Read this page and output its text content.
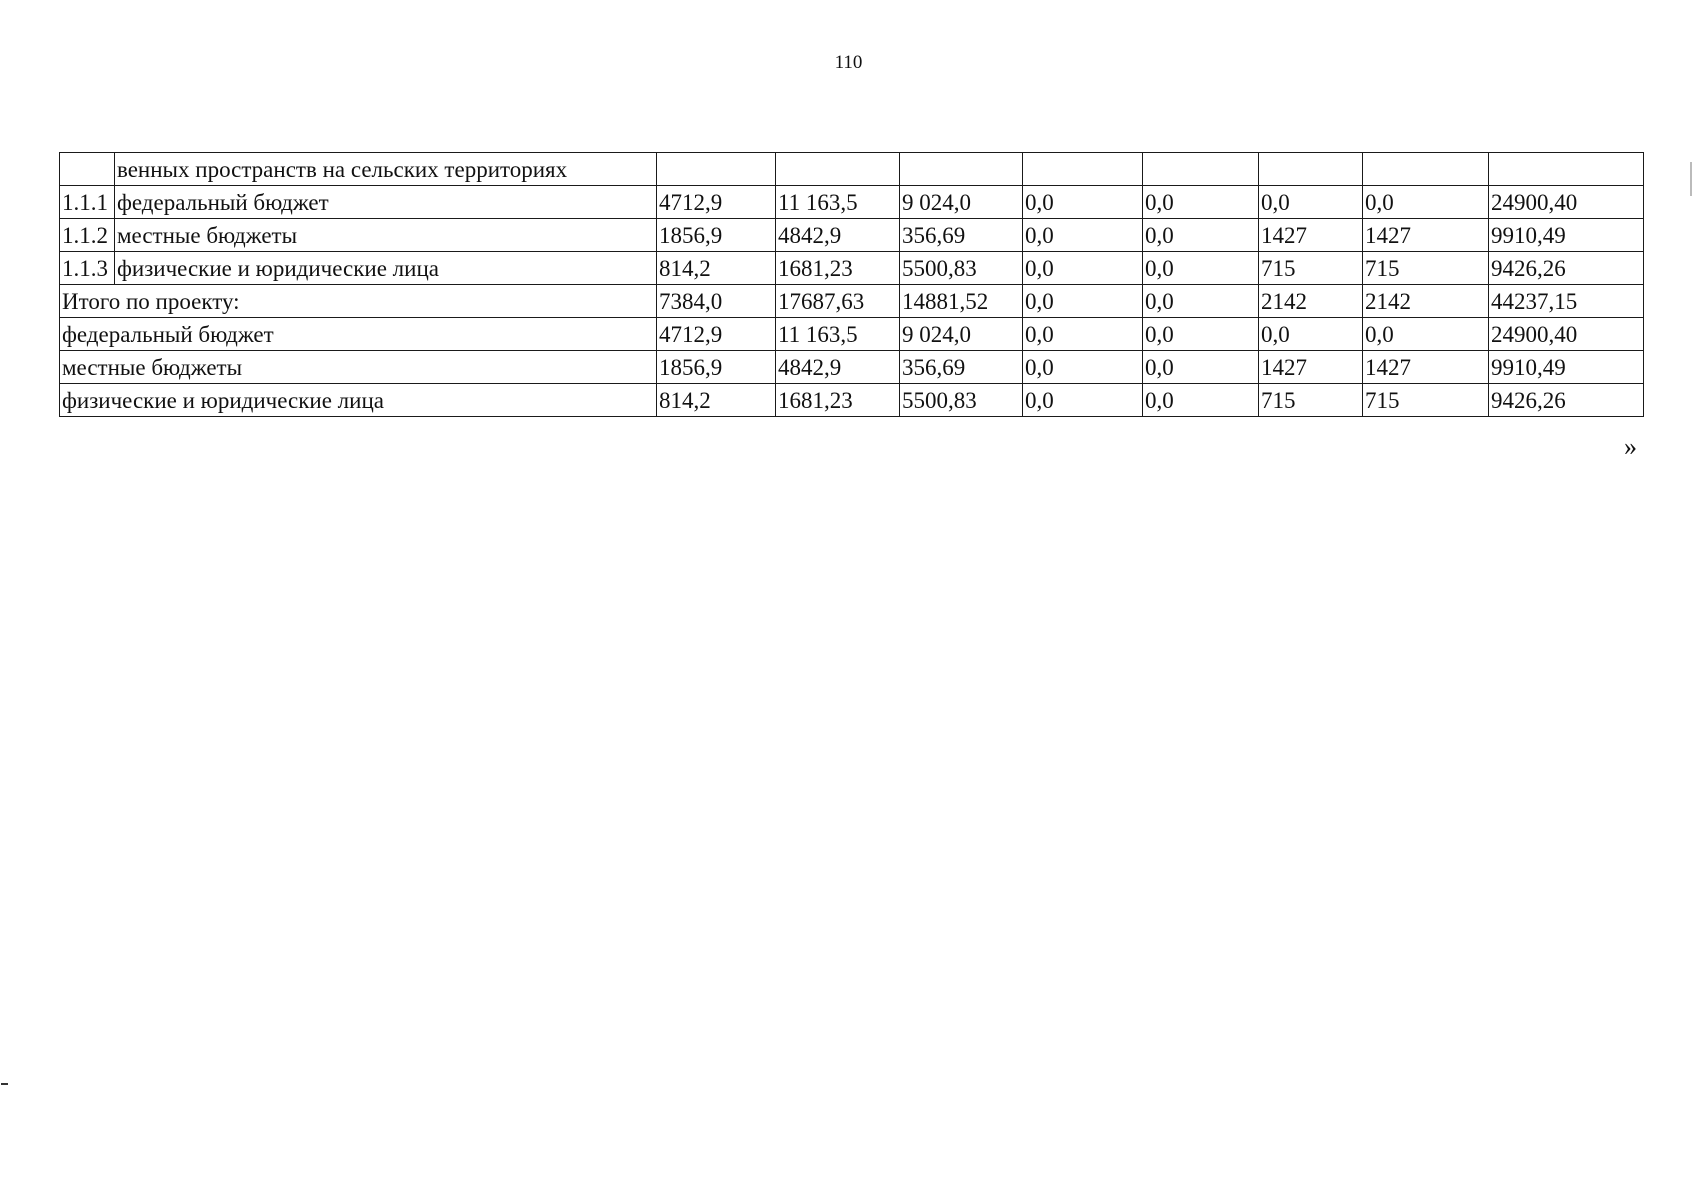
110
	венных пространств на сельских территориях								
1.1.1	федеральный бюджет	4712,9	11 163,5	9 024,0	0,0	0,0	0,0	0,0	24900,40
1.1.2	местные бюджеты	1856,9	4842,9	356,69	0,0	0,0	1427	1427	9910,49
1.1.3	физические и юридические лица	814,2	1681,23	5500,83	0,0	0,0	715	715	9426,26
Итого по проекту:		7384,0	17687,63	14881,52	0,0	0,0	2142	2142	44237,15
федеральный бюджет		4712,9	11 163,5	9 024,0	0,0	0,0	0,0	0,0	24900,40
местные бюджеты		1856,9	4842,9	356,69	0,0	0,0	1427	1427	9910,49
физические и юридические лица		814,2	1681,23	5500,83	0,0	0,0	715	715	9426,26
»
